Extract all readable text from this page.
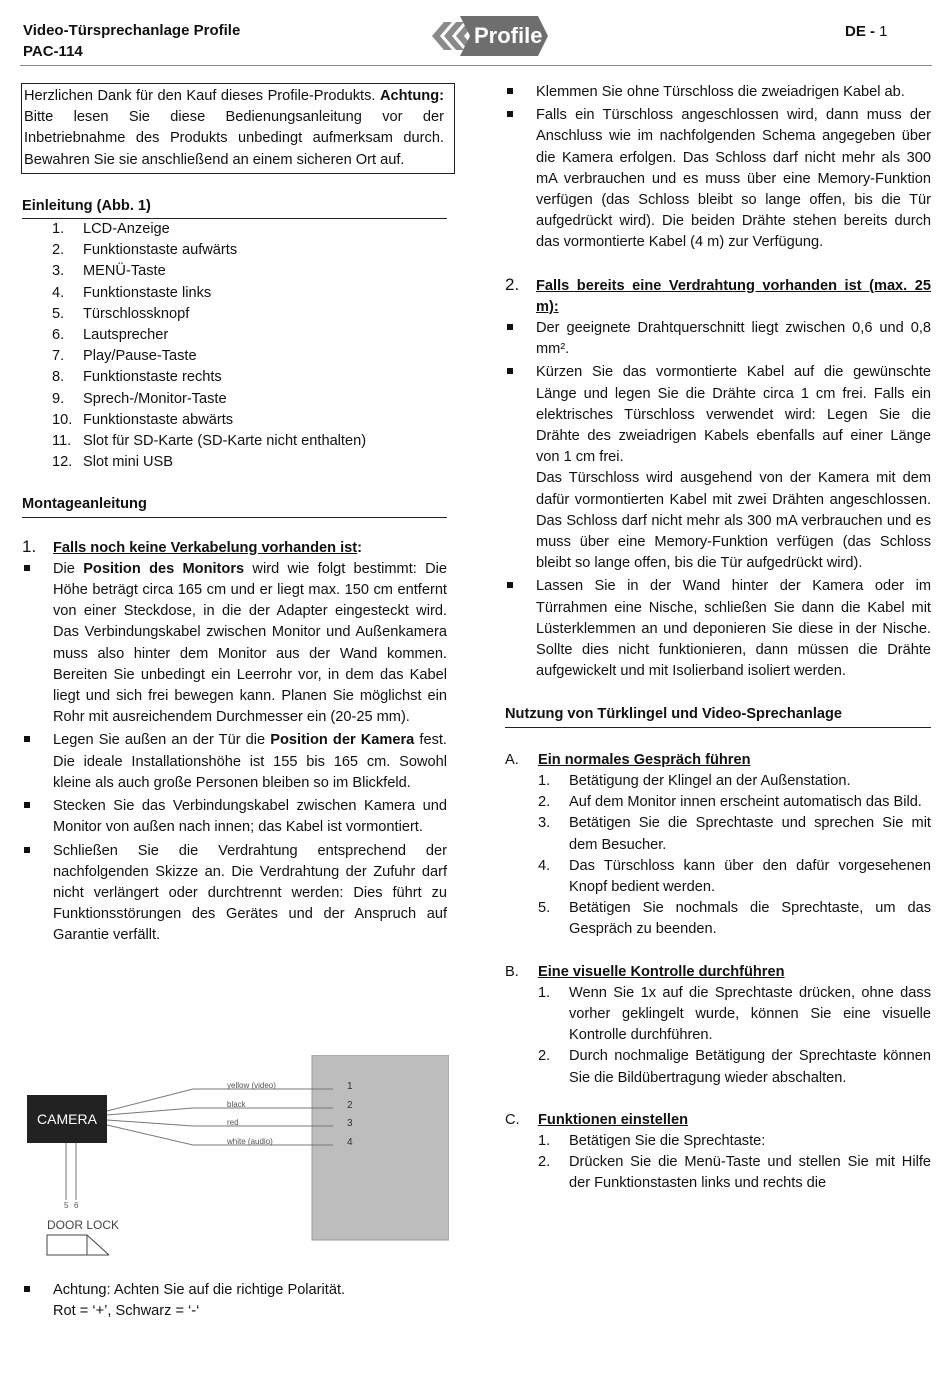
Video-Türsprechanlage Profile
PAC-114
Profile	DE - 1
Herzlichen Dank für den Kauf dieses Profile-Produkts. Achtung: Bitte lesen Sie diese Bedienungsanleitung vor der Inbetriebnahme des Produkts unbedingt aufmerksam durch. Bewahren Sie sie anschließend an einem sicheren Ort auf.
Einleitung (Abb. 1)
1. LCD-Anzeige
2. Funktionstaste aufwärts
3. MENÜ-Taste
4. Funktionstaste links
5. Türschlossknopf
6. Lautsprecher
7. Play/Pause-Taste
8. Funktionstaste rechts
9. Sprech-/Monitor-Taste
10. Funktionstaste abwärts
11. Slot für SD-Karte (SD-Karte nicht enthalten)
12. Slot mini USB
Montageanleitung
1. Falls noch keine Verkabelung vorhanden ist:
Die Position des Monitors wird wie folgt bestimmt: Die Höhe beträgt circa 165 cm und er liegt max. 150 cm entfernt von einer Steckdose, in die der Adapter eingesteckt wird. Das Verbindungskabel zwischen Monitor und Außenkamera muss also hinter dem Monitor aus der Wand kommen. Bereiten Sie unbedingt ein Leerrohr vor, in dem das Kabel liegt und sich frei bewegen kann. Planen Sie möglichst ein Rohr mit ausreichendem Durchmesser ein (20-25 mm).
Legen Sie außen an der Tür die Position der Kamera fest. Die ideale Installationshöhe ist 155 bis 165 cm. Sowohl kleine als auch große Personen bleiben so im Blickfeld.
Stecken Sie das Verbindungskabel zwischen Kamera und Monitor von außen nach innen; das Kabel ist vormontiert.
Schließen Sie die Verdrahtung entsprechend der nachfolgenden Skizze an. Die Verdrahtung der Zufuhr darf nicht verlängert oder durchtrennt werden: Dies führt zu Funktionsstörungen des Gerätes und der Anspruch auf Garantie verfällt.
CAMERA
yellow (video)
black
red
white (audio)
1
2
3
4
5 6
DOOR LOCK
Achtung: Achten Sie auf die richtige Polarität.
Rot = ‘+’, Schwarz = ‘-‘
Klemmen Sie ohne Türschloss die zweiadrigen Kabel ab.
Falls ein Türschloss angeschlossen wird, dann muss der Anschluss wie im nachfolgenden Schema angegeben über die Kamera erfolgen. Das Schloss darf nicht mehr als 300 mA verbrauchen und es muss über eine Memory-Funktion verfügen (das Schloss bleibt so lange offen, bis die Tür aufgedrückt wird). Die beiden Drähte stehen bereits durch das vormontierte Kabel (4 m) zur Verfügung.
2. Falls bereits eine Verdrahtung vorhanden ist (max. 25 m):
Der geeignete Drahtquerschnitt liegt zwischen 0,6 und 0,8 mm².
Kürzen Sie das vormontierte Kabel auf die gewünschte Länge und legen Sie die Drähte circa 1 cm frei. Falls ein elektrisches Türschloss verwendet wird: Legen Sie die Drähte des zweiadrigen Kabels ebenfalls auf einer Länge von 1 cm frei.
Das Türschloss wird ausgehend von der Kamera mit dem dafür vormontierten Kabel mit zwei Drähten angeschlossen. Das Schloss darf nicht mehr als 300 mA verbrauchen und es muss über eine Memory-Funktion verfügen (das Schloss bleibt so lange offen, bis die Tür aufgedrückt wird).
Lassen Sie in der Wand hinter der Kamera oder im Türrahmen eine Nische, schließen Sie dann die Kabel mit Lüsterklemmen an und deponieren Sie diese in der Nische. Sollte dies nicht funktionieren, dann müssen die Drähte aufgewickelt und mit Isolierband isoliert werden.
Nutzung von Türklingel und Video-Sprechanlage
A. Ein normales Gespräch führen
1. Betätigung der Klingel an der Außenstation.
2. Auf dem Monitor innen erscheint automatisch das Bild.
3. Betätigen Sie die Sprechtaste und sprechen Sie mit dem Besucher.
4. Das Türschloss kann über den dafür vorgesehenen Knopf bedient werden.
5. Betätigen Sie nochmals die Sprechtaste, um das Gespräch zu beenden.
B. Eine visuelle Kontrolle durchführen
1. Wenn Sie 1x auf die Sprechtaste drücken, ohne dass vorher geklingelt wurde, können Sie eine visuelle Kontrolle durchführen.
2. Durch nochmalige Betätigung der Sprechtaste können Sie die Bildübertragung wieder abschalten.
C. Funktionen einstellen
1. Betätigen Sie die Sprechtaste:
2. Drücken Sie die Menü-Taste und stellen Sie mit Hilfe der Funktionstasten links und rechts die
